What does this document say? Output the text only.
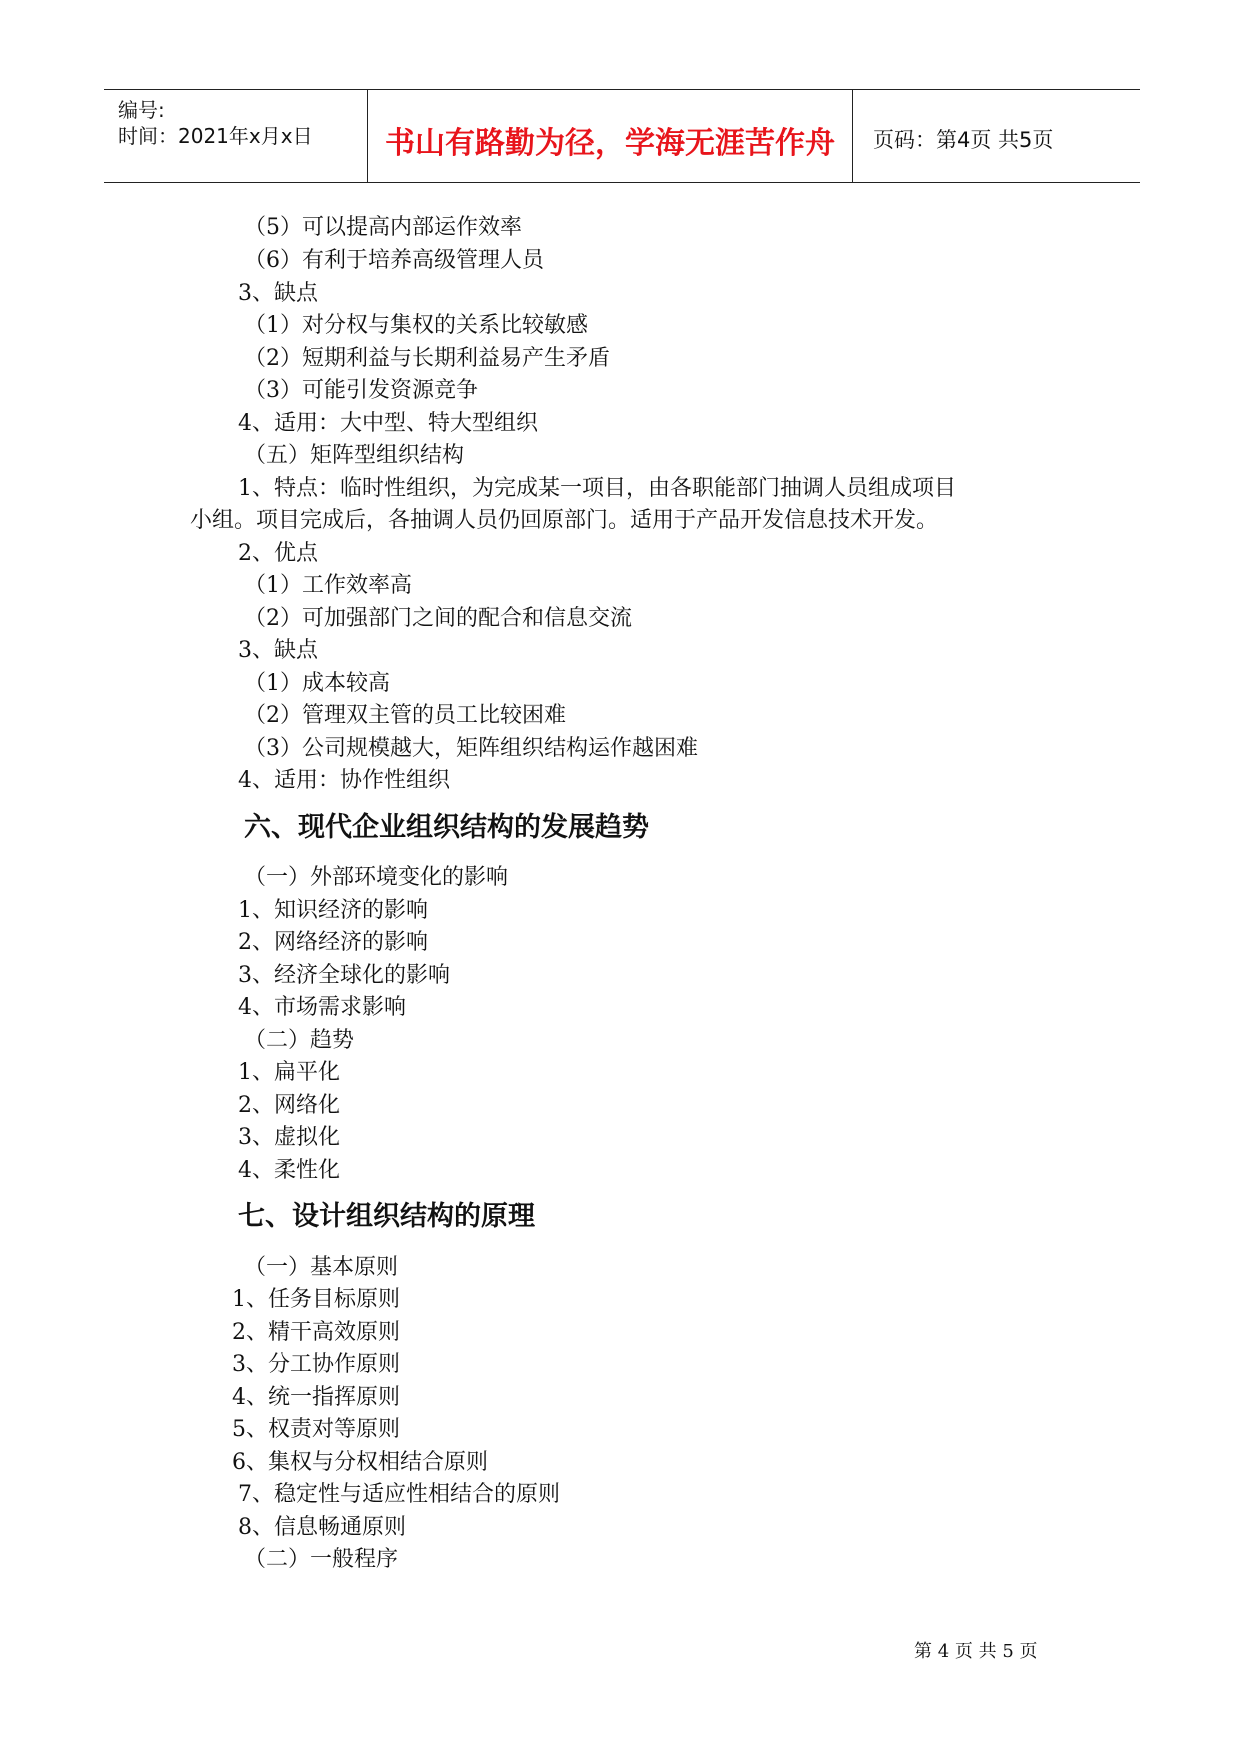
编号:
时间：2021年x月x日	书山有路勤为径，学海无涯苦作舟	页码：第4页 共5页
（5）可以提高内部运作效率
（6）有利于培养高级管理人员
3、缺点
（1）对分权与集权的关系比较敏感
（2）短期利益与长期利益易产生矛盾
（3）可能引发资源竞争
4、适用：大中型、特大型组织
（五）矩阵型组织结构
1、特点：临时性组织，为完成某一项目，由各职能部门抽调人员组成项目
小组。项目完成后，各抽调人员仍回原部门。适用于产品开发信息技术开发。
2、优点
（1）工作效率高
（2）可加强部门之间的配合和信息交流
3、缺点
（1）成本较高
（2）管理双主管的员工比较困难
（3）公司规模越大，矩阵组织结构运作越困难
4、适用：协作性组织
六、现代企业组织结构的发展趋势
（一）外部环境变化的影响
1、知识经济的影响
2、网络经济的影响
3、经济全球化的影响
4、市场需求影响
（二）趋势
1、扁平化
2、网络化
3、虚拟化
4、柔性化
七、设计组织结构的原理
（一）基本原则
1、任务目标原则
2、精干高效原则
3、分工协作原则
4、统一指挥原则
5、权责对等原则
6、集权与分权相结合原则
7、稳定性与适应性相结合的原则
8、信息畅通原则
（二）一般程序
第 4 页 共 5 页
